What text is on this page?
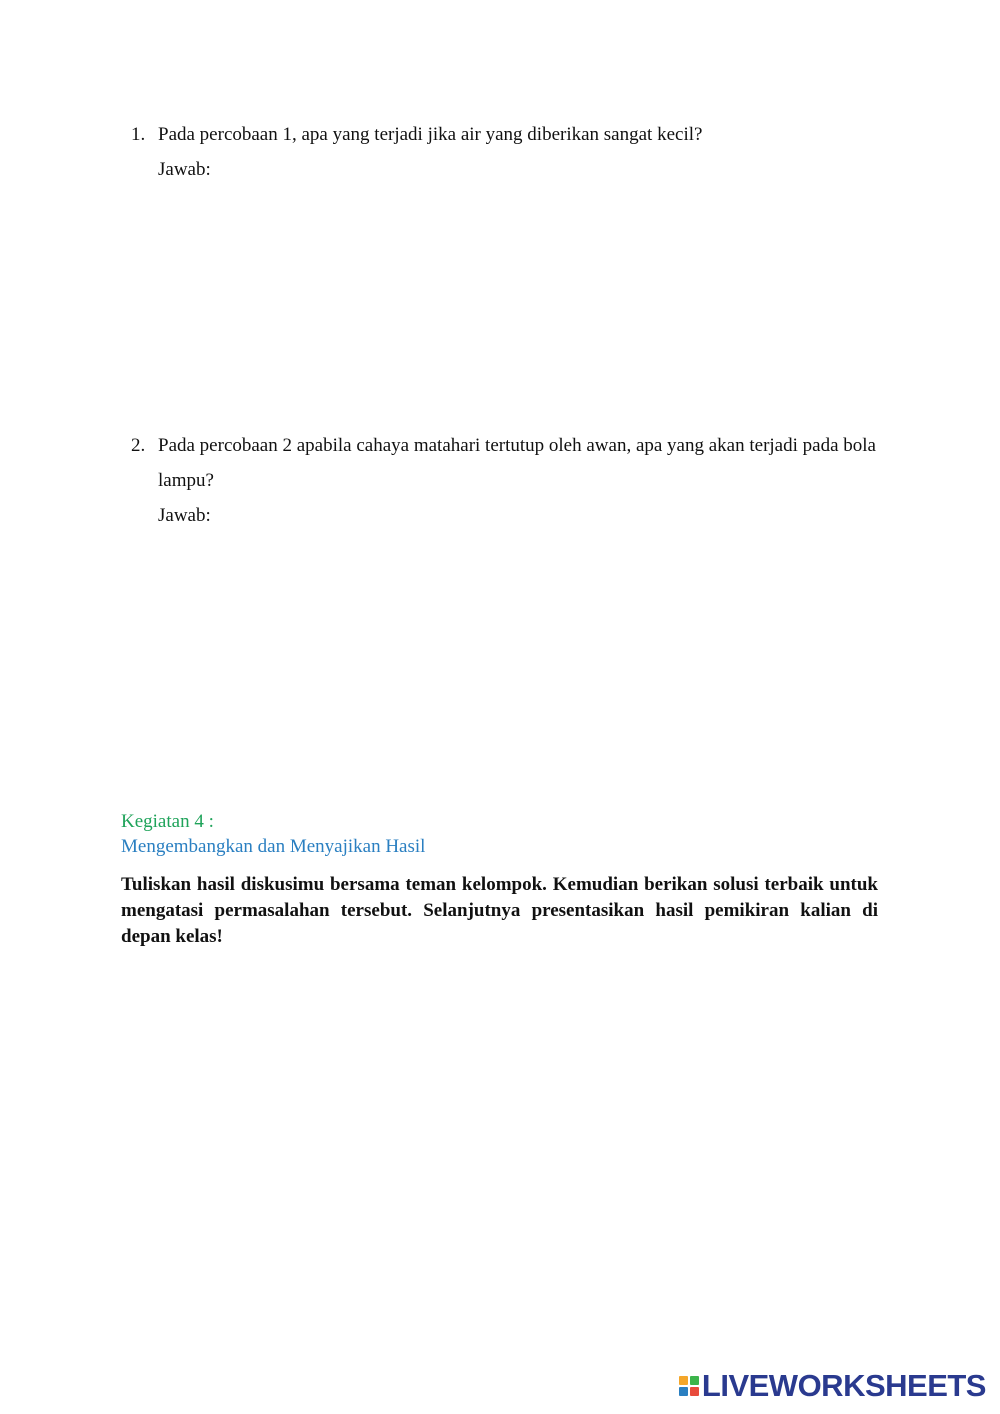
1. Pada percobaan 1, apa yang terjadi jika air yang diberikan sangat kecil?
Jawab:
2. Pada percobaan 2 apabila cahaya matahari tertutup oleh awan, apa yang akan terjadi pada bola lampu?
Jawab:
Kegiatan 4 :
Mengembangkan dan Menyajikan Hasil
Tuliskan hasil diskusimu bersama teman kelompok. Kemudian berikan solusi terbaik untuk mengatasi permasalahan tersebut. Selanjutnya presentasikan hasil pemikiran kalian di depan kelas!
LIVEWORKSHEETS
